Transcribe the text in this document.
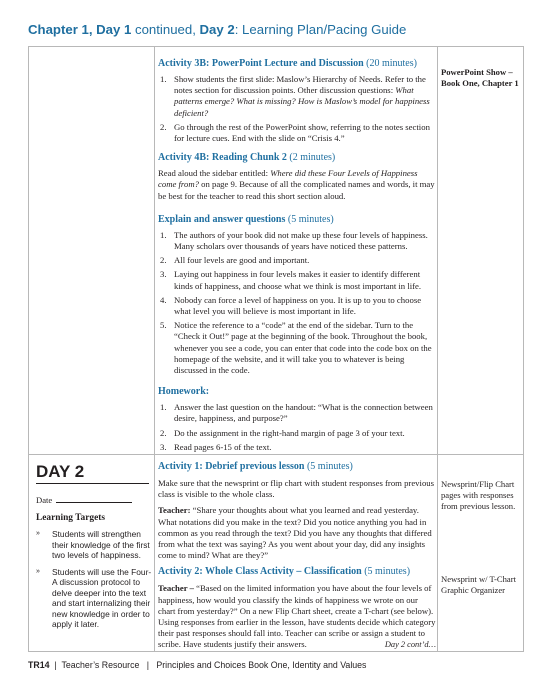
Chapter 1, Day 1 continued, Day 2: Learning Plan/Pacing Guide
Activity 3B: PowerPoint Lecture and Discussion (20 minutes)
1. Show students the first slide: Maslow’s Hierarchy of Needs. Refer to the notes section for discussion points. Other discussion questions: What patterns emerge? What is missing? How is Maslow’s model for happiness deficient?
2. Go through the rest of the PowerPoint show, referring to the notes section for lecture cues. End with the slide on “Crisis 4.”
Activity 4B: Reading Chunk 2 (2 minutes)

Read aloud the sidebar entitled: Where did these Four Levels of Happiness come from? on page 9. Because of all the complicated names and words, it may be best for the teacher to read this short section aloud.

Explain and answer questions (5 minutes)
1. The authors of your book did not make up these four levels of happiness. Many scholars over thousands of years have noticed these patterns.
2. All four levels are good and important.
3. Laying out happiness in four levels makes it easier to identify different kinds of happiness, and choose what we think is most important in life.
4. Nobody can force a level of happiness on you. It is up to you to choose what level you will believe is most important in life.
5. Notice the reference to a “code” at the end of the sidebar. Turn to the “Check it Out!” page at the beginning of the book. Throughout the book, whenever you see a code, you can enter that code into the code box on the homepage of the website, and it will take you to whatever is being discussed in the code.
Homework:
1. Answer the last question on the handout: “What is the connection between desire, happiness, and purpose?”
2. Do the assignment in the right-hand margin of page 3 of your text.
3. Read pages 6-15 of the text.
PowerPoint Show – Book One, Chapter 1
DAY 2
Date
Learning Targets
» Students will strengthen their knowledge of the first two levels of happiness.
» Students will use the Four-A discussion protocol to delve deeper into the text and start internalizing their new knowledge in order to apply it later.
Activity 1: Debrief previous lesson (5 minutes)

Make sure that the newsprint or flip chart with student responses from previous class is visible to the whole class.

Teacher: “Share your thoughts about what you learned and read yesterday. What notations did you make in the text? Did you notice anything you had in common as you read through the text? Did you have any thoughts that differed from what the text was saying? As you went about your day, did any insights come to mind? What are they?”

Activity 2: Whole Class Activity – Classification (5 minutes)

Teacher – “Based on the limited information you have about the four levels of happiness, how would you classify the kinds of happiness we wrote on our chart from yesterday?” On a new Flip Chart sheet, create a T-chart (see below). Using responses from earlier in the lesson, have students decide which category their past responses should fall into. Teacher can scribe or assign a student to scribe. Have students justify their answers.	Day 2 cont’d…
Newsprint/Flip Chart pages with responses from previous lesson.
Newsprint w/ T-Chart Graphic Organizer
TR14  |  Teacher’s Resource   |   Principles and Choices Book One, Identity and Values
